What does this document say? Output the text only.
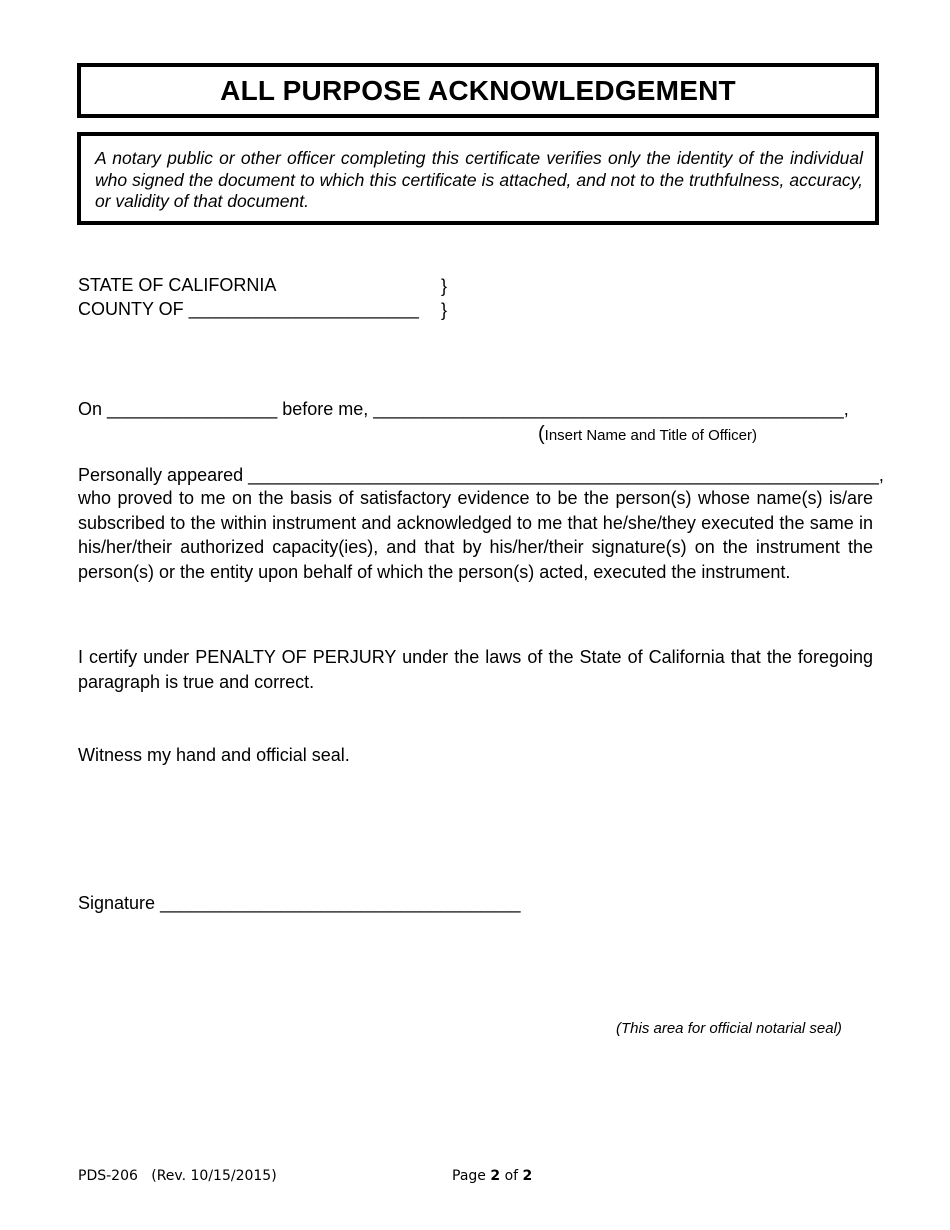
ALL PURPOSE ACKNOWLEDGEMENT

A notary public or other officer completing this certificate verifies only the identity of the individual who signed the document to which this certificate is attached, and not to the truthfulness, accuracy, or validity of that document.

STATE OF CALIFORNIA	}
COUNTY OF _______________________ }
On _________________ before me, _______________________________________________,
(Insert Name and Title of Officer)
Personally appeared _______________________________________________________________,

who proved to me on the basis of satisfactory evidence to be the person(s) whose name(s) is/are subscribed to the within instrument and acknowledged to me that he/she/they executed the same in his/her/their authorized capacity(ies), and that by his/her/their signature(s) on the instrument the person(s) or the entity upon behalf of which the person(s) acted, executed the instrument.

I certify under PENALTY OF PERJURY under the laws of the State of California that the foregoing paragraph is true and correct.

Witness my hand and official seal.
Signature ____________________________________
(This area for official notarial seal)
PDS-206   (Rev. 10/15/2015)	Page 2 of 2
